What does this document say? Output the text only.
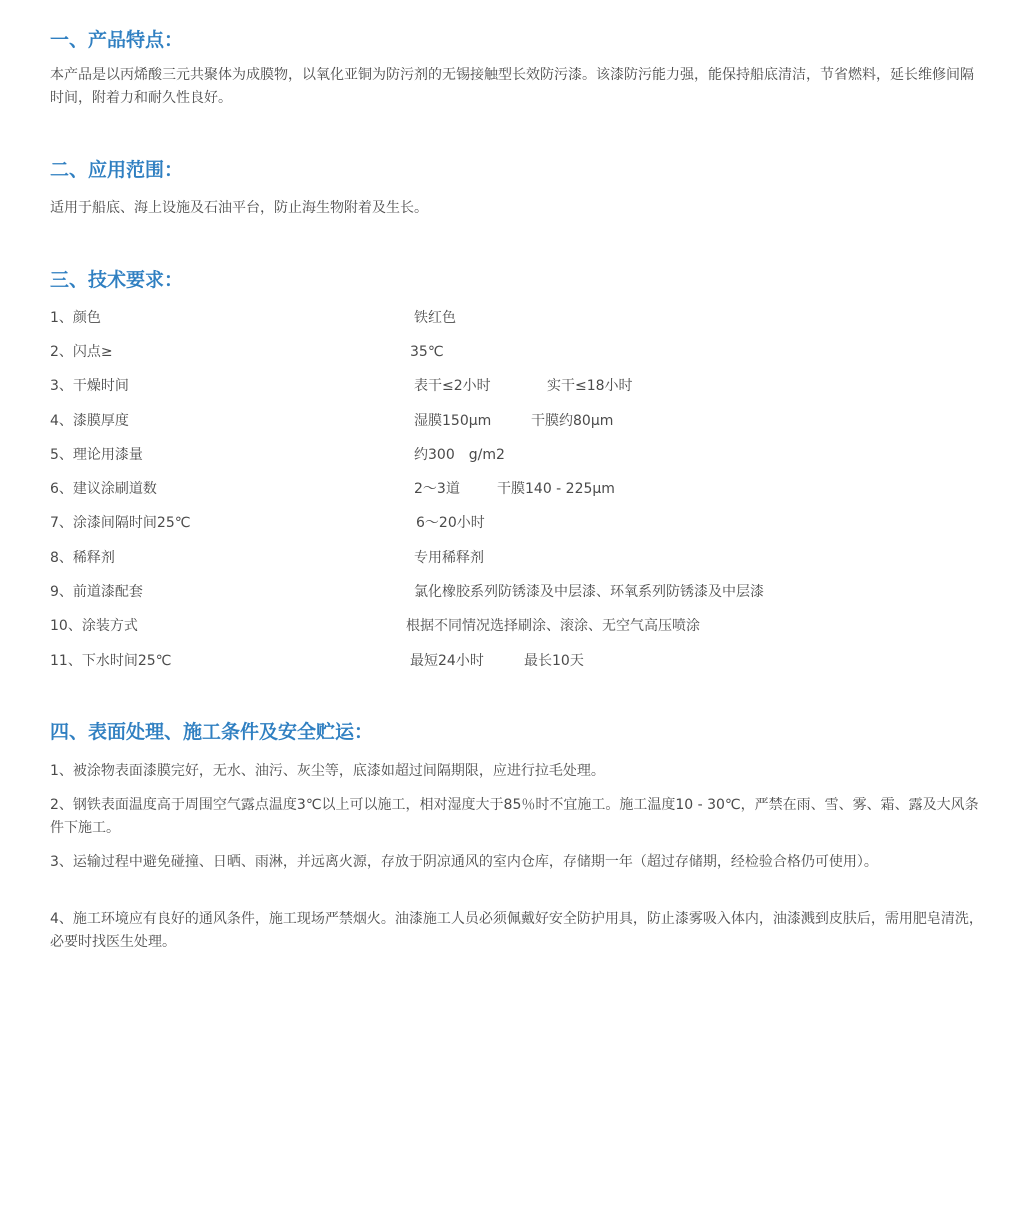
一、产品特点：
本产品是以丙烯酸三元共聚体为成膜物，以氧化亚铜为防污剂的无锡接触型长效防污漆。该漆防污能力强，能保持船底清洁，节省燃料，延长维修间隔时间，附着力和耐久性良好。
二、应用范围：
适用于船底、海上设施及石油平台，防止海生物附着及生长。
三、技术要求：
1、颜色	铁红色
2、闪点≥	35℃
3、干燥时间	表干≤2小时	实干≤18小时
4、漆膜厚度	湿膜150μm	干膜约80μm
5、理论用漆量	约300　g/m2
6、建议涂刷道数	2～3道	干膜140 - 225μm
7、涂漆间隔时间25℃	6～20小时
8、稀释剂	专用稀释剂
9、前道漆配套	氯化橡胶系列防锈漆及中层漆、环氧系列防锈漆及中层漆
10、涂装方式	根据不同情况选择刷涂、滚涂、无空气高压喷涂
11、下水时间25℃	最短24小时	最长10天
四、表面处理、施工条件及安全贮运：
1、被涂物表面漆膜完好，无水、油污、灰尘等，底漆如超过间隔期限，应进行拉毛处理。
2、钢铁表面温度高于周围空气露点温度3℃以上可以施工，相对湿度大于85％时不宜施工。施工温度10 - 30℃，严禁在雨、雪、雾、霜、露及大风条件下施工。
3、运输过程中避免碰撞、日晒、雨淋，并远离火源，存放于阴凉通风的室内仓库，存储期一年（超过存储期，经检验合格仍可使用）。
4、施工环境应有良好的通风条件，施工现场严禁烟火。油漆施工人员必须佩戴好安全防护用具，防止漆雾吸入体内，油漆溅到皮肤后，需用肥皂清洗，必要时找医生处理。
